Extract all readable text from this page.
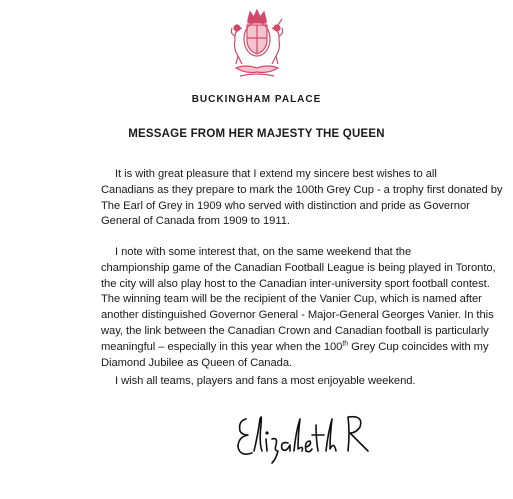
BUCKINGHAM PALACE
MESSAGE FROM HER MAJESTY THE QUEEN

It is with great pleasure that I extend my sincere best wishes to all
Canadians as they prepare to mark the 100th Grey Cup - a trophy first donated by
The Earl of Grey in 1909 who served with distinction and pride as Governor
General of Canada from 1909 to 1911.

I note with some interest that, on the same weekend that the
championship game of the Canadian Football League is being played in Toronto,
the city will also play host to the Canadian inter-university sport football contest.
The winning team will be the recipient of the Vanier Cup, which is named after
another distinguished Governor General - Major-General Georges Vanier. In this
way, the link between the Canadian Crown and Canadian football is particularly
meaningful – especially in this year when the 100th Grey Cup coincides with my
Diamond Jubilee as Queen of Canada.

I wish all teams, players and fans a most enjoyable weekend.
